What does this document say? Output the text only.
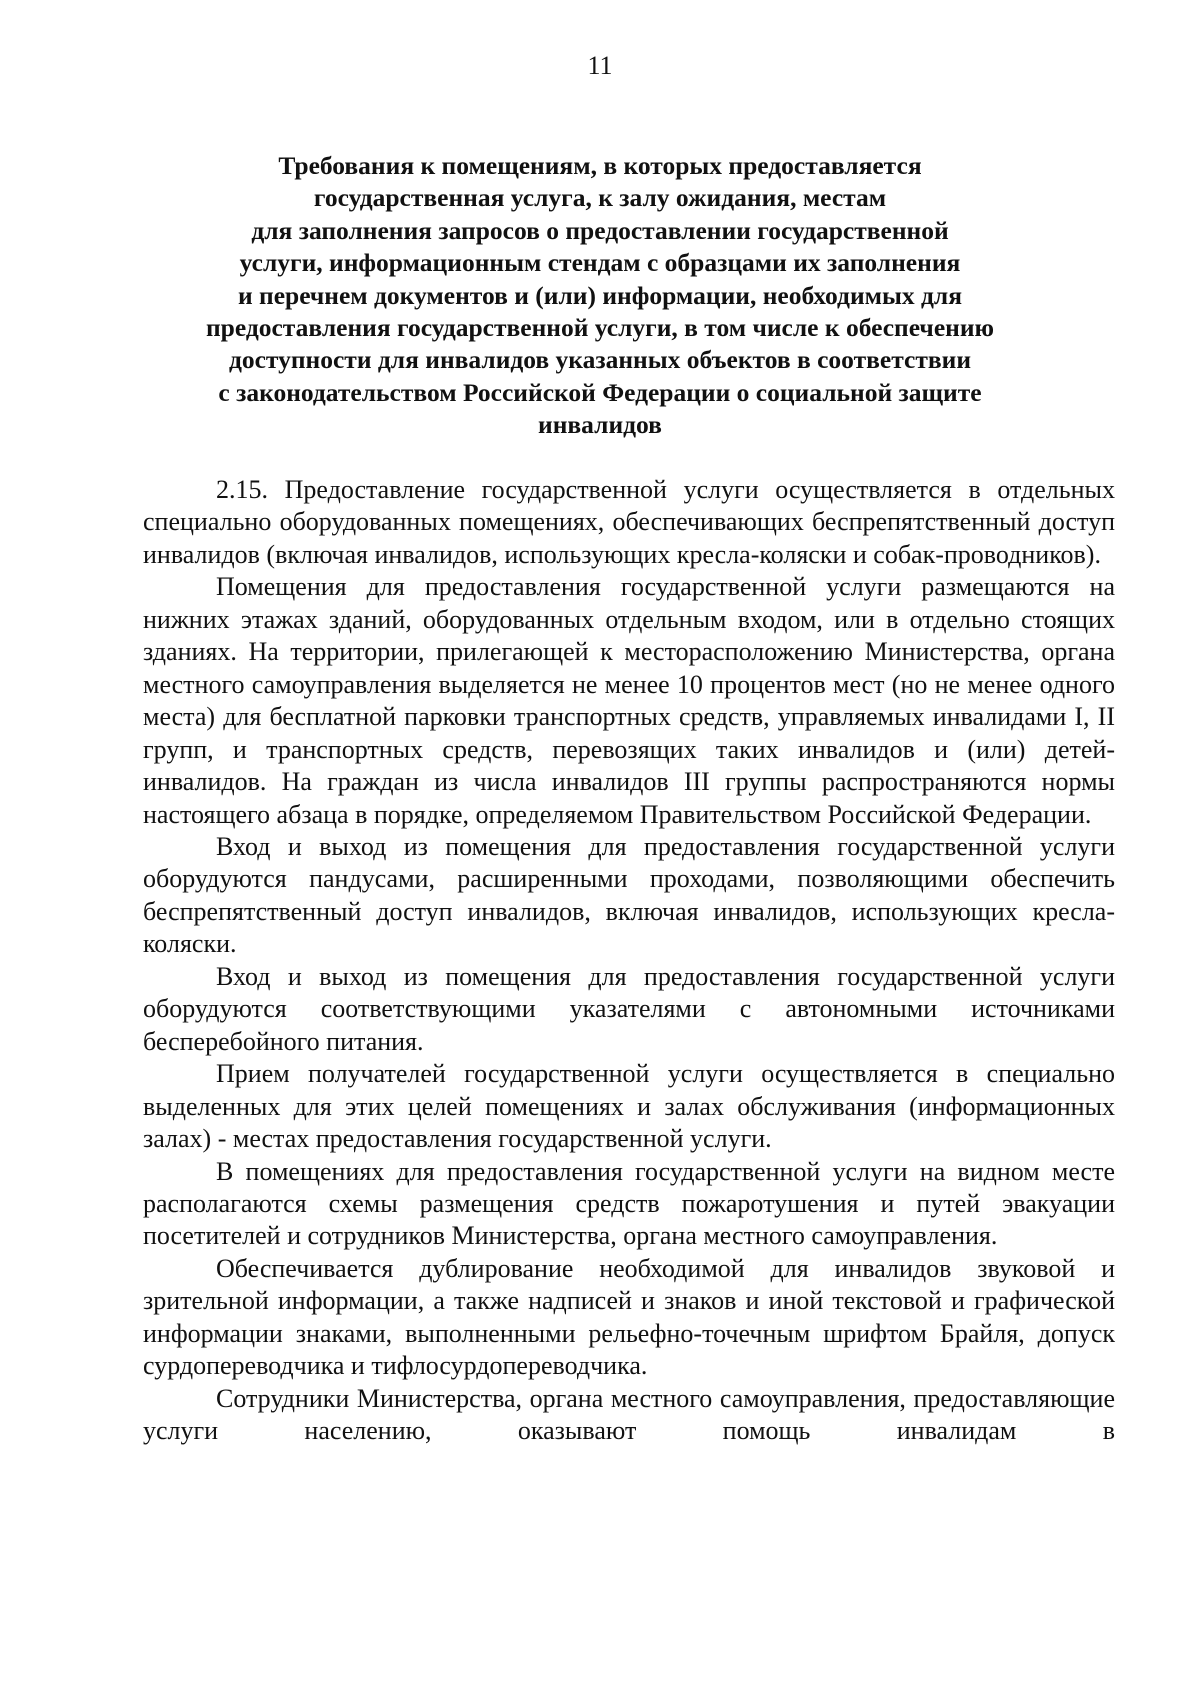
11
Требования к помещениям, в которых предоставляется
государственная услуга, к залу ожидания, местам
для заполнения запросов о предоставлении государственной
услуги, информационным стендам с образцами их заполнения
и перечнем документов и (или) информации, необходимых для
предоставления государственной услуги, в том числе к обеспечению
доступности для инвалидов указанных объектов в соответствии
с законодательством Российской Федерации о социальной защите
инвалидов

2.15. Предоставление государственной услуги осуществляется в отдельных специально оборудованных помещениях, обеспечивающих беспрепятственный доступ инвалидов (включая инвалидов, использующих кресла-коляски и собак-проводников).

Помещения для предоставления государственной услуги размещаются на нижних этажах зданий, оборудованных отдельным входом, или в отдельно стоящих зданиях. На территории, прилегающей к месторасположению Министерства, органа местного самоуправления выделяется не менее 10 процентов мест (но не менее одного места) для бесплатной парковки транспортных средств, управляемых инвалидами I, II групп, и транспортных средств, перевозящих таких инвалидов и (или) детей-инвалидов. На граждан из числа инвалидов III группы распространяются нормы настоящего абзаца в порядке, определяемом Правительством Российской Федерации.

Вход и выход из помещения для предоставления государственной услуги оборудуются пандусами, расширенными проходами, позволяющими обеспечить беспрепятственный доступ инвалидов, включая инвалидов, использующих кресла-коляски.

Вход и выход из помещения для предоставления государственной услуги оборудуются соответствующими указателями с автономными источниками бесперебойного питания.

Прием получателей государственной услуги осуществляется в специально выделенных для этих целей помещениях и залах обслуживания (информационных залах) - местах предоставления государственной услуги.

В помещениях для предоставления государственной услуги на видном месте располагаются схемы размещения средств пожаротушения и путей эвакуации посетителей и сотрудников Министерства, органа местного самоуправления.

Обеспечивается дублирование необходимой для инвалидов звуковой и зрительной информации, а также надписей и знаков и иной текстовой и графической информации знаками, выполненными рельефно-точечным шрифтом Брайля, допуск сурдопереводчика и тифлосурдопереводчика.

Сотрудники Министерства, органа местного самоуправления, предоставляющие услуги населению, оказывают помощь инвалидам в
